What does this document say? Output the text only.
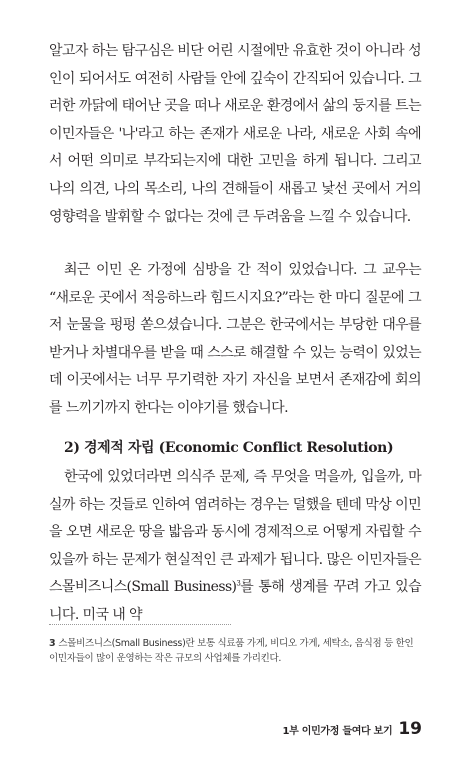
알고자 하는 탐구심은 비단 어린 시절에만 유효한 것이 아니라 성인이 되어서도 여전히 사람들 안에 깊숙이 간직되어 있습니다. 그러한 까닭에 태어난 곳을 떠나 새로운 환경에서 삶의 둥지를 트는 이민자들은 '나'라고 하는 존재가 새로운 나라, 새로운 사회 속에서 어떤 의미로 부각되는지에 대한 고민을 하게 됩니다. 그리고 나의 의견, 나의 목소리, 나의 견해들이 새롭고 낯선 곳에서 거의 영향력을 발휘할 수 없다는 것에 큰 두려움을 느낄 수 있습니다.

최근 이민 온 가정에 심방을 간 적이 있었습니다. 그 교우는 “새로운 곳에서 적응하느라 힘드시지요?”라는 한 마디 질문에 그저 눈물을 펑펑 쏟으셨습니다. 그분은 한국에서는 부당한 대우를 받거나 차별대우를 받을 때 스스로 해결할 수 있는 능력이 있었는데 이곳에서는 너무 무기력한 자기 자신을 보면서 존재감에 회의를 느끼기까지 한다는 이야기를 했습니다.

2) 경제적 자립 (Economic Conflict Resolution)

한국에 있었더라면 의식주 문제, 즉 무엇을 먹을까, 입을까, 마실까 하는 것들로 인하여 염려하는 경우는 덜했을 텐데 막상 이민을 오면 새로운 땅을 밟음과 동시에 경제적으로 어떻게 자립할 수 있을까 하는 문제가 현실적인 큰 과제가 됩니다. 많은 이민자들은 스몰비즈니스(Small Business)$^3$를 통해 생계를 꾸려 가고 있습니다. 미국 내 약

3 스몰비즈니스(Small Business)란 보통 식료품 가게, 비디오 가게, 세탁소, 음식점 등 한인 이민자들이 많이 운영하는 작은 규모의 사업체를 가리킨다.

1부 이민가정 들여다 보기 19
